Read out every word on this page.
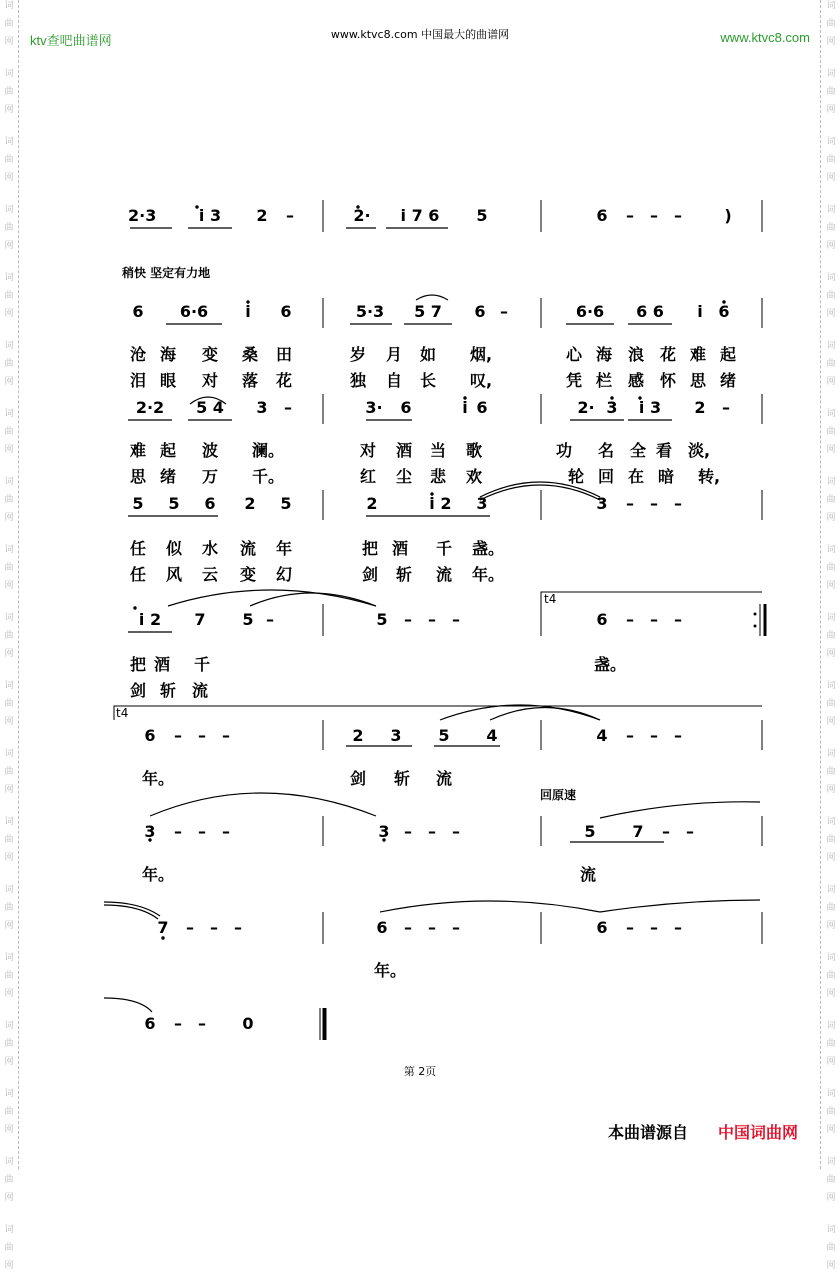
词
曲
网
词
曲
网
词
曲
网
词
曲
网
词
曲
网
词
曲
网
词
曲
网
词
曲
网
词
曲
网
词
曲
网
词
曲
网
词
曲
网
词
曲
网
词
曲
网
词
曲
网
词
曲
网
词
曲
网
词
曲
网
词
曲
网
词
曲
网
词
曲
网
词
曲
网
词
曲
网
词
曲
网
词
曲
网
词
曲
网
词
曲
网
词
曲
网
词
曲
网
词
曲
网
词
曲
网
词
曲
网
词
曲
网
词
曲
网
词
曲
网
词
曲
网
词
曲
网
词
曲
网
ktv查吧曲谱网	www.ktvc8.com 中国最大的曲谱网	www.ktvc8.com
2·3	i 3	2	–	2·	i 7 6	5	6	–	–	–	)
稍快 坚定有力地
6	6·6	i	6	5·3	5 7	6 –	6·6	6 6	i 6
沧 海 变 桑 田	岁 月 如 烟,	心 海 浪 花 难 起
泪 眼 对 落 花	独 自 长 叹,	凭 栏 感 怀 思 绪
2·2	5 4	3	–	3·	6	i 6	2· 3	i 3	2	–
难 起 波 澜。	对 酒 当 歌	功 名 全 看 淡,
思 绪 万 千。	红 尘 悲 欢	轮 回 在 暗 转,
5	5	6	2	5	2	i 2	3	3	–	–	–
任 似 水 流 年	把 酒 千 盏。
任 风 云 变 幻	剑 斩 流 年。
t4
i 2	7	5 –	5	–	–	–	6	–	–	–
把 酒 千	盏。
剑 斩 流
t4
6	–	–	–	2	3	5	4	4	–	–	–
年。	剑 斩 流
回原速
3	–	–	–	3 –	–	–	5	7	–	–
年。	流
7	–	–	–	6	–	–	–	6	–	–	–
年。
6	–	–	0
第 2页
本曲谱源自 中国词曲网
